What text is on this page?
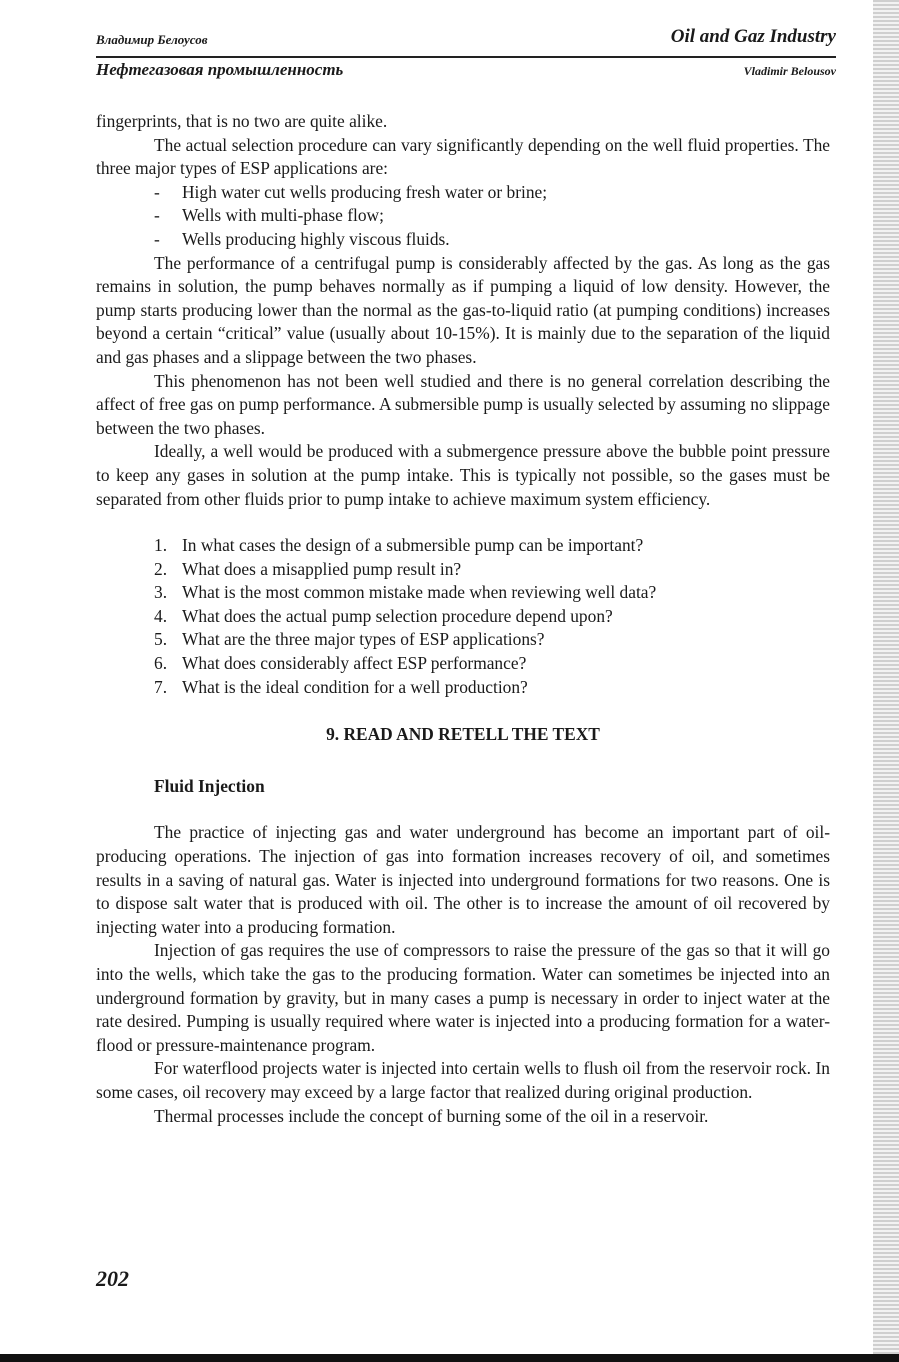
Владимир Белоусов	Oil and Gaz Industry
Нефтегазовая промышленность	Vladimir Belousov

fingerprints, that is no two are quite alike.

The actual selection procedure can vary significantly depending on the well fluid properties. The three major types of ESP applications are:

- High water cut wells producing fresh water or brine;
- Wells with multi-phase flow;
- Wells producing highly viscous fluids.

The performance of a centrifugal pump is considerably affected by the gas. As long as the gas remains in solution, the pump behaves normally as if pumping a liquid of low density. However, the pump starts producing lower than the normal as the gas-to-liquid ratio (at pumping conditions) increases beyond a certain “critical” value (usually about 10-15%). It is mainly due to the separation of the liquid and gas phases and a slippage between the two phases.

This phenomenon has not been well studied and there is no general correlation describing the affect of free gas on pump performance. A submersible pump is usually selected by assuming no slippage between the two phases.

Ideally, a well would be produced with a submergence pressure above the bubble point pressure to keep any gases in solution at the pump intake. This is typically not possible, so the gases must be separated from other fluids prior to pump intake to achieve maximum system efficiency.

1. In what cases the design of a submersible pump can be important?
2. What does a misapplied pump result in?
3. What is the most common mistake made when reviewing well data?
4. What does the actual pump selection procedure depend upon?
5. What are the three major types of ESP applications?
6. What does considerably affect ESP performance?
7. What is the ideal condition for a well production?
9. READ AND RETELL THE TEXT
Fluid Injection

The practice of injecting gas and water underground has become an important part of oil-producing operations. The injection of gas into formation increases recovery of oil, and sometimes results in a saving of natural gas. Water is injected into underground formations for two reasons. One is to dispose salt water that is produced with oil. The other is to increase the amount of oil recovered by injecting water into a producing formation.

Injection of gas requires the use of compressors to raise the pressure of the gas so that it will go into the wells, which take the gas to the producing formation. Water can sometimes be injected into an underground formation by gravity, but in many cases a pump is necessary in order to inject water at the rate desired. Pumping is usually required where water is injected into a producing formation for a water-flood or pressure-maintenance program.

For waterflood projects water is injected into certain wells to flush oil from the reservoir rock. In some cases, oil recovery may exceed by a large factor that realized during original production.

Thermal processes include the concept of burning some of the oil in a reservoir.

202
